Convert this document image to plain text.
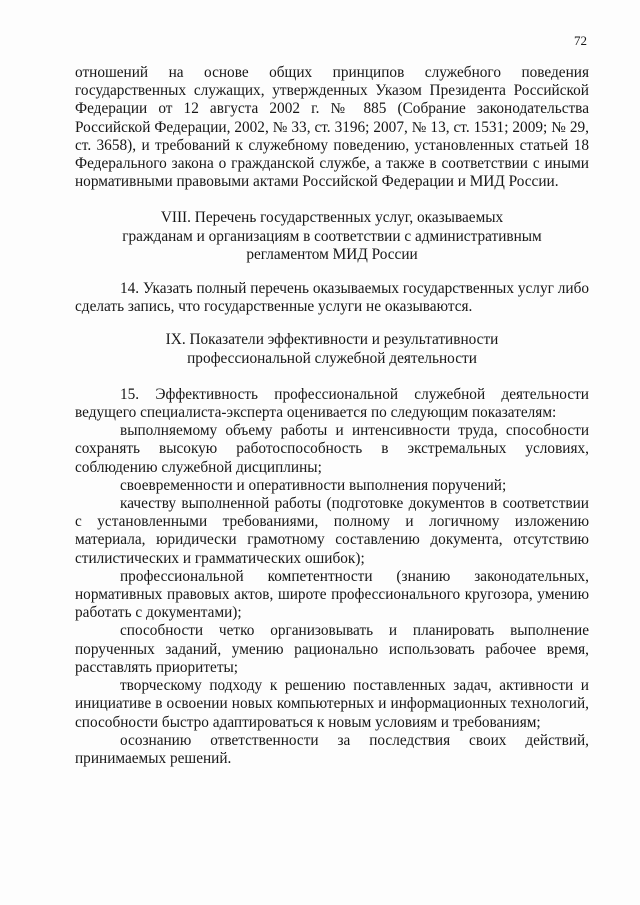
72

отношений на основе общих принципов служебного поведения государственных служащих, утвержденных Указом Президента Российской Федерации от 12 августа 2002 г. № 885 (Собрание законодательства Российской Федерации, 2002, № 33, ст. 3196; 2007, № 13, ст. 1531; 2009; № 29, ст. 3658), и требований к служебному поведению, установленных статьей 18 Федерального закона о гражданской службе, а также в соответствии с иными нормативными правовыми актами Российской Федерации и МИД России.

VIII. Перечень государственных услуг, оказываемых

гражданам и организациям в соответствии с административным

регламентом МИД России

14. Указать полный перечень оказываемых государственных услуг либо сделать запись, что государственные услуги не оказываются.

IX. Показатели эффективности и результативности

профессиональной служебной деятельности

15. Эффективность профессиональной служебной деятельности ведущего специалиста-эксперта оценивается по следующим показателям:

выполняемому объему работы и интенсивности труда, способности сохранять высокую работоспособность в экстремальных условиях, соблюдению служебной дисциплины;

своевременности и оперативности выполнения поручений;

качеству выполненной работы (подготовке документов в соответствии с установленными требованиями, полному и логичному изложению материала, юридически грамотному составлению документа, отсутствию стилистических и грамматических ошибок);

профессиональной компетентности (знанию законодательных, нормативных правовых актов, широте профессионального кругозора, умению работать с документами);

способности четко организовывать и планировать выполнение порученных заданий, умению рационально использовать рабочее время, расставлять приоритеты;

творческому подходу к решению поставленных задач, активности и инициативе в освоении новых компьютерных и информационных технологий, способности быстро адаптироваться к новым условиям и требованиям;

осознанию ответственности за последствия своих действий, принимаемых решений.
